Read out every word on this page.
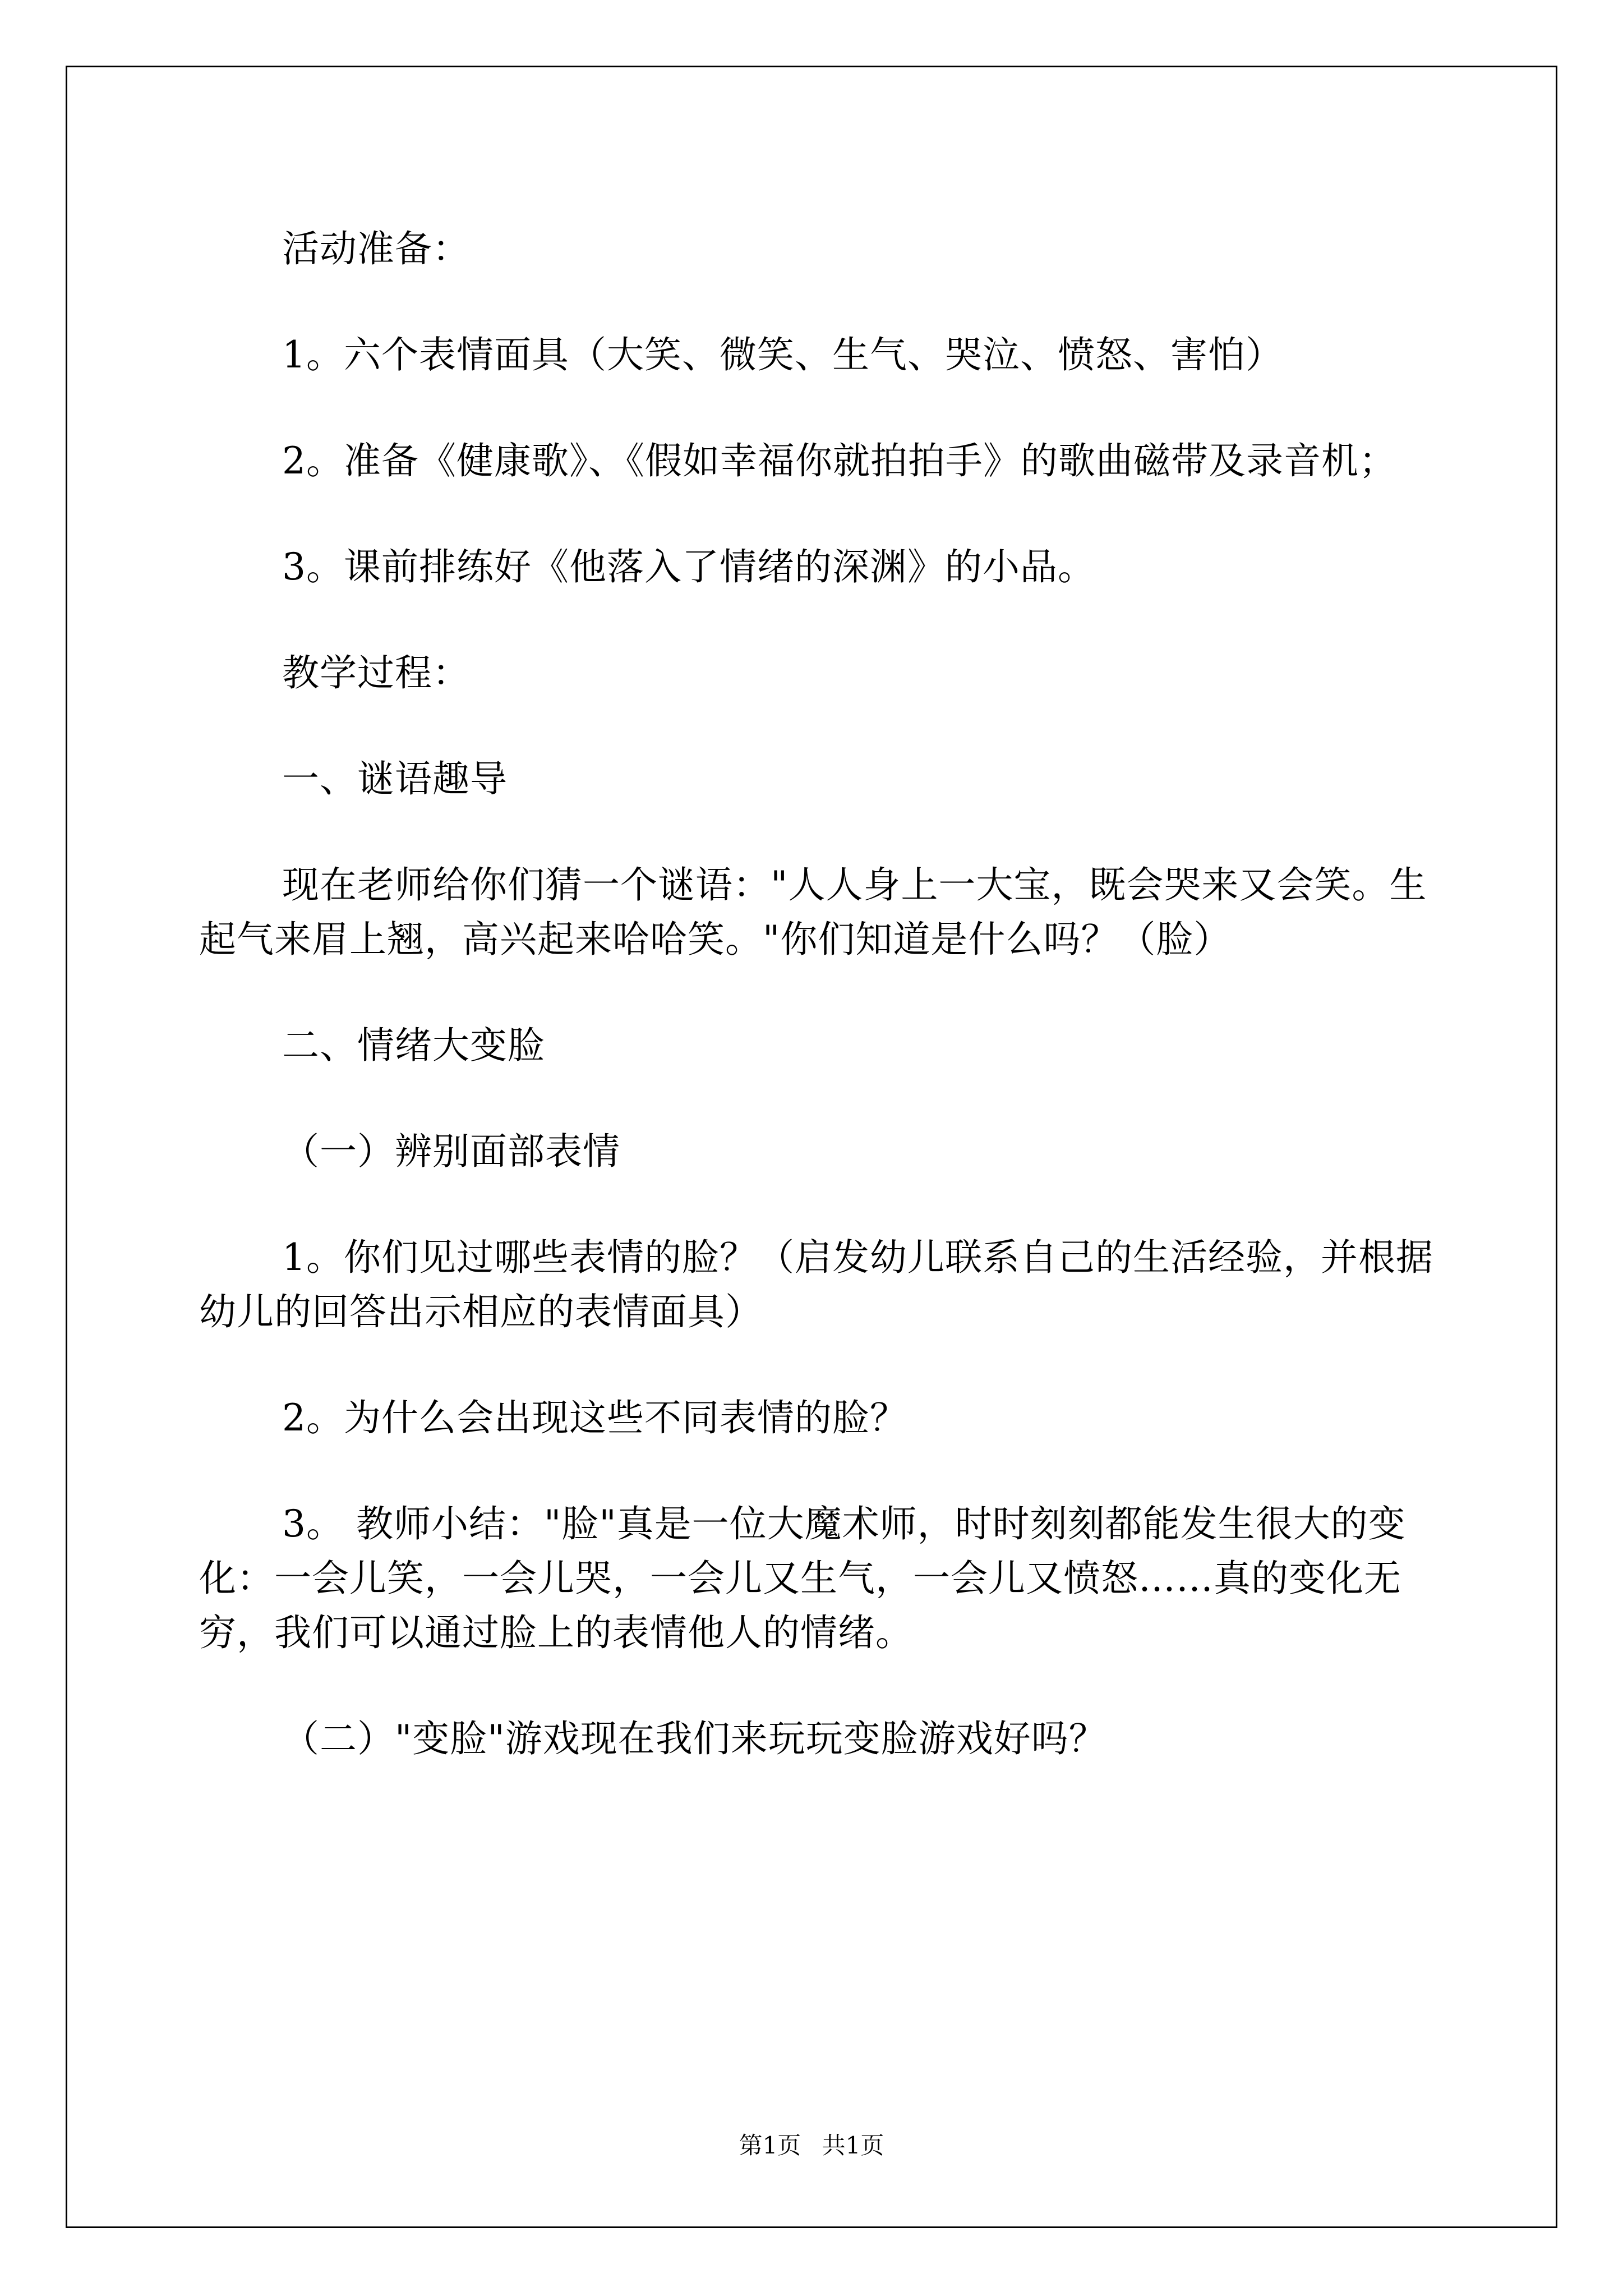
活动准备：

1。六个表情面具（大笑、微笑、生气、哭泣、愤怒、害怕）

2。准备《健康歌》、《假如幸福你就拍拍手》的歌曲磁带及录音机；

3。课前排练好《他落入了情绪的深渊》的小品。

教学过程：

一、谜语趣导

现在老师给你们猜一个谜语："人人身上一大宝，既会哭来又会笑。生起气来眉上翘，高兴起来哈哈笑。"你们知道是什么吗？（脸）

二、情绪大变脸

（一）辨别面部表情

1。你们见过哪些表情的脸？（启发幼儿联系自己的生活经验，并根据幼儿的回答出示相应的表情面具）

2。为什么会出现这些不同表情的脸？

3。 教师小结："脸"真是一位大魔术师，时时刻刻都能发生很大的变化：一会儿笑，一会儿哭，一会儿又生气，一会儿又愤怒……真的变化无穷，我们可以通过脸上的表情他人的情绪。

（二）"变脸"游戏现在我们来玩玩变脸游戏好吗？

第1页 共1页
